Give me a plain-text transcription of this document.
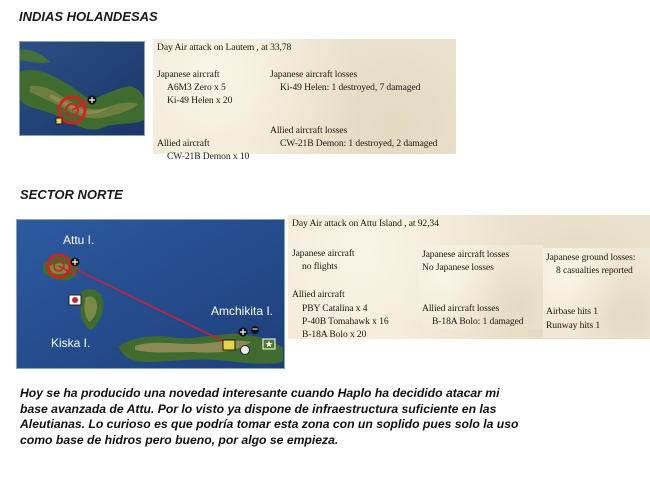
INDIAS HOLANDESAS
Day Air attack on Lautem , at 33,78
Japanese aircraft
A6M3 Zero x 5
Ki-49 Helen x 20
Allied aircraft
CW-21B Demon x 10
Japanese aircraft losses
Ki-49 Helen: 1 destroyed, 7 damaged
Allied aircraft losses
CW-21B Demon: 1 destroyed, 2 damaged
SECTOR NORTE
Attu I.
Kiska I.
Amchikita I.
Day Air attack on Attu Island , at 92,34
Japanese aircraft
no flights
Allied aircraft
PBY Catalina x 4
P-40B Tomahawk x 16
B-18A Bolo x 20
Japanese aircraft losses
No Japanese losses
Allied aircraft losses
B-18A Bolo: 1 damaged
Japanese ground losses:
8 casualties reported
Airbase hits 1
Runway hits 1

Hoy se ha producido una novedad interesante cuando Haplo ha decidido atacar mi

base avanzada de Attu. Por lo visto ya dispone de infraestructura suficiente en las

Aleutianas. Lo curioso es que podría tomar esta zona con un soplido pues solo la uso

como base de hidros pero bueno, por algo se empieza.
